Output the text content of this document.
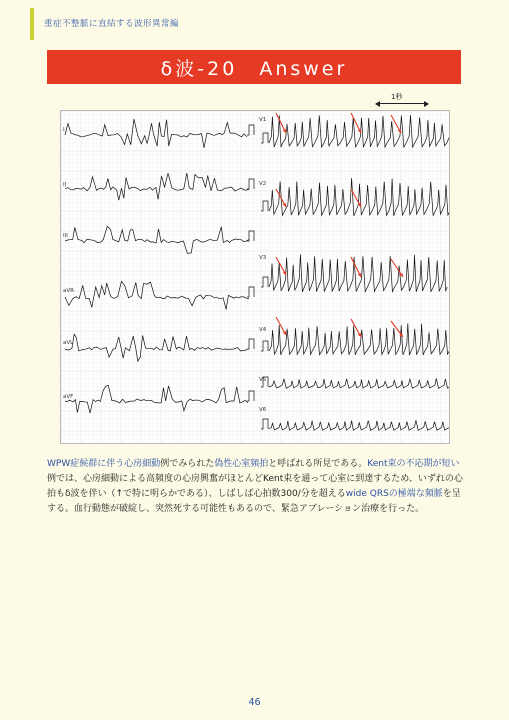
重症不整脈に直結する波形異常編
δ波-20　Answer
1秒
I
II
III
aVR
aVL
aVF
V1
V2
V3
V4
V5
V6
WPW症候群に伴う心房細動例でみられた偽性心室頻拍と呼ばれる所見である。Kent束の不応期が短い例では、心房細動による高頻度の心房興奮がほとんどKent束を通って心室に到達するため、いずれの心拍もδ波を伴い（↑で特に明らかである）、しばしば心拍数300/分を超えるwide QRSの極端な頻脈を呈する。血行動態が破綻し、突然死する可能性もあるので、緊急アブレーション治療を行った。
46
